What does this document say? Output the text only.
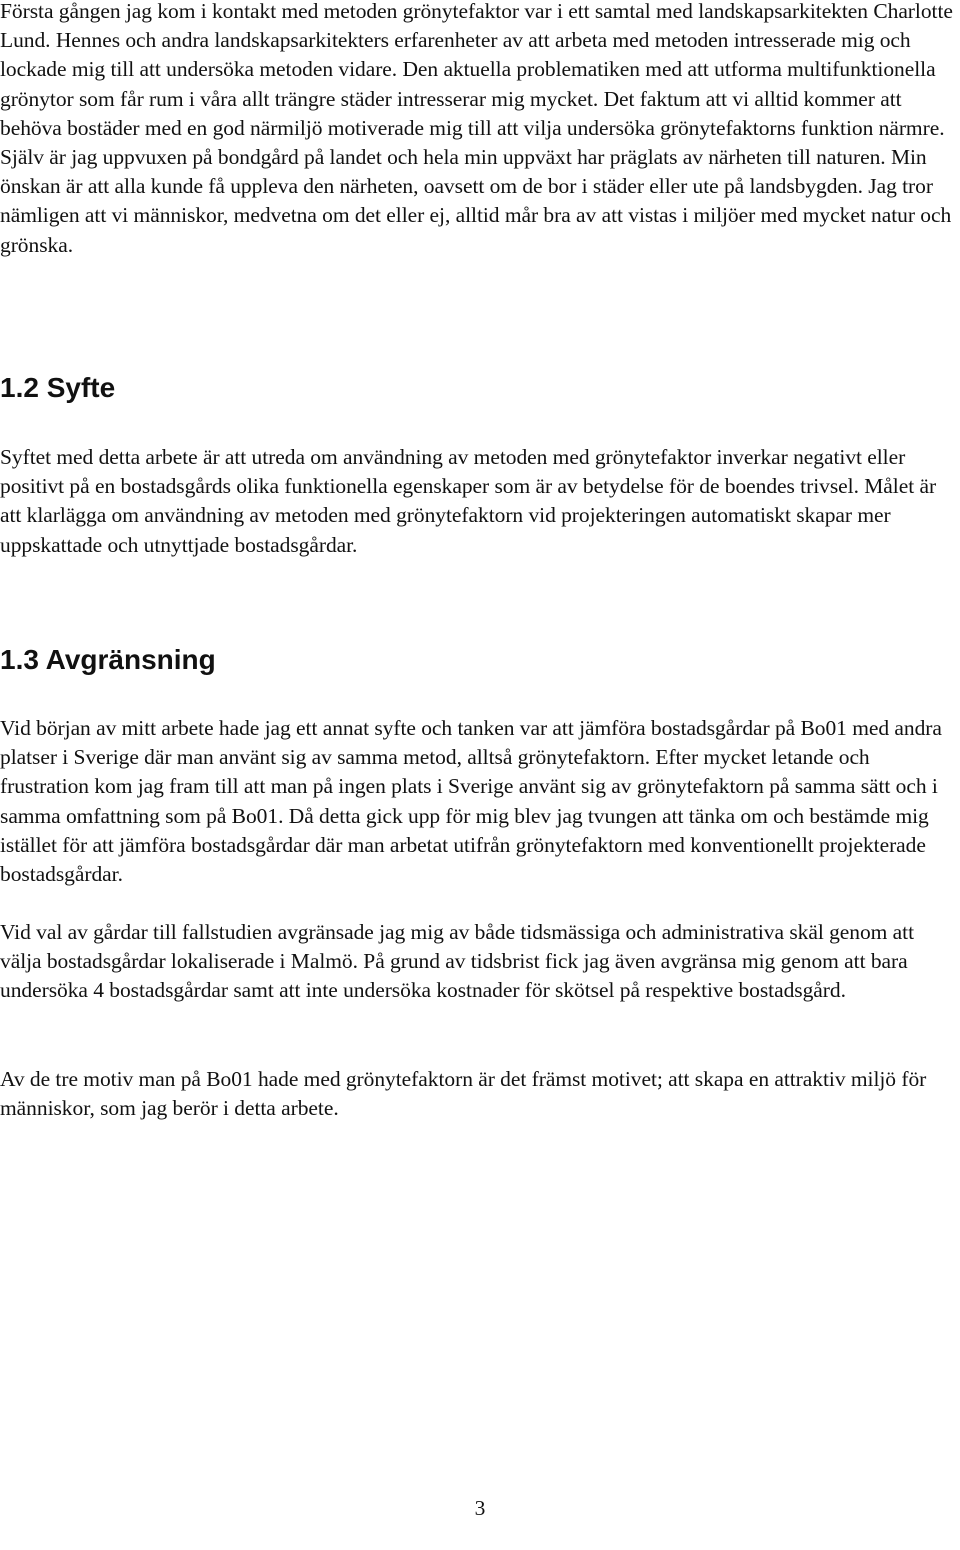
Första gången jag kom i kontakt med metoden grönytefaktor var i ett samtal med landskapsarkitekten Charlotte Lund. Hennes och andra landskapsarkitekters erfarenheter av att arbeta med metoden intresserade mig och lockade mig till att undersöka metoden vidare. Den aktuella problematiken med att utforma multifunktionella grönytor som får rum i våra allt trängre städer intresserar mig mycket. Det faktum att vi alltid kommer att behöva bostäder med en god närmiljö motiverade mig till att vilja undersöka grönytefaktorns funktion närmre. Själv är jag uppvuxen på bondgård på landet och hela min uppväxt har präglats av närheten till naturen. Min önskan är att alla kunde få uppleva den närheten, oavsett om de bor i städer eller ute på landsbygden. Jag tror nämligen att vi människor, medvetna om det eller ej, alltid mår bra av att vistas i miljöer med mycket natur och grönska.

1.2 Syfte

Syftet med detta arbete är att utreda om användning av metoden med grönytefaktor inverkar negativt eller positivt på en bostadsgårds olika funktionella egenskaper som är av betydelse för de boendes trivsel. Målet är att klarlägga om användning av metoden med grönytefaktorn vid projekteringen automatiskt skapar mer uppskattade och utnyttjade bostadsgårdar.

1.3 Avgränsning

Vid början av mitt arbete hade jag ett annat syfte och tanken var att jämföra bostadsgårdar på Bo01 med andra platser i Sverige där man använt sig av samma metod, alltså grönytefaktorn. Efter mycket letande och frustration kom jag fram till att man på ingen plats i Sverige använt sig av grönytefaktorn på samma sätt och i samma omfattning som på Bo01. Då detta gick upp för mig blev jag tvungen att tänka om och bestämde mig istället för att jämföra bostadsgårdar där man arbetat utifrån grönytefaktorn med konventionellt projekterade bostadsgårdar.

Vid val av gårdar till fallstudien avgränsade jag mig av både tidsmässiga och administrativa skäl genom att välja bostadsgårdar lokaliserade i Malmö. På grund av tidsbrist fick jag även avgränsa mig genom att bara undersöka 4 bostadsgårdar samt att inte undersöka kostnader för skötsel på respektive bostadsgård.

Av de tre motiv man på Bo01 hade med grönytefaktorn är det främst motivet; att skapa en attraktiv miljö för människor, som jag berör i detta arbete.

3
